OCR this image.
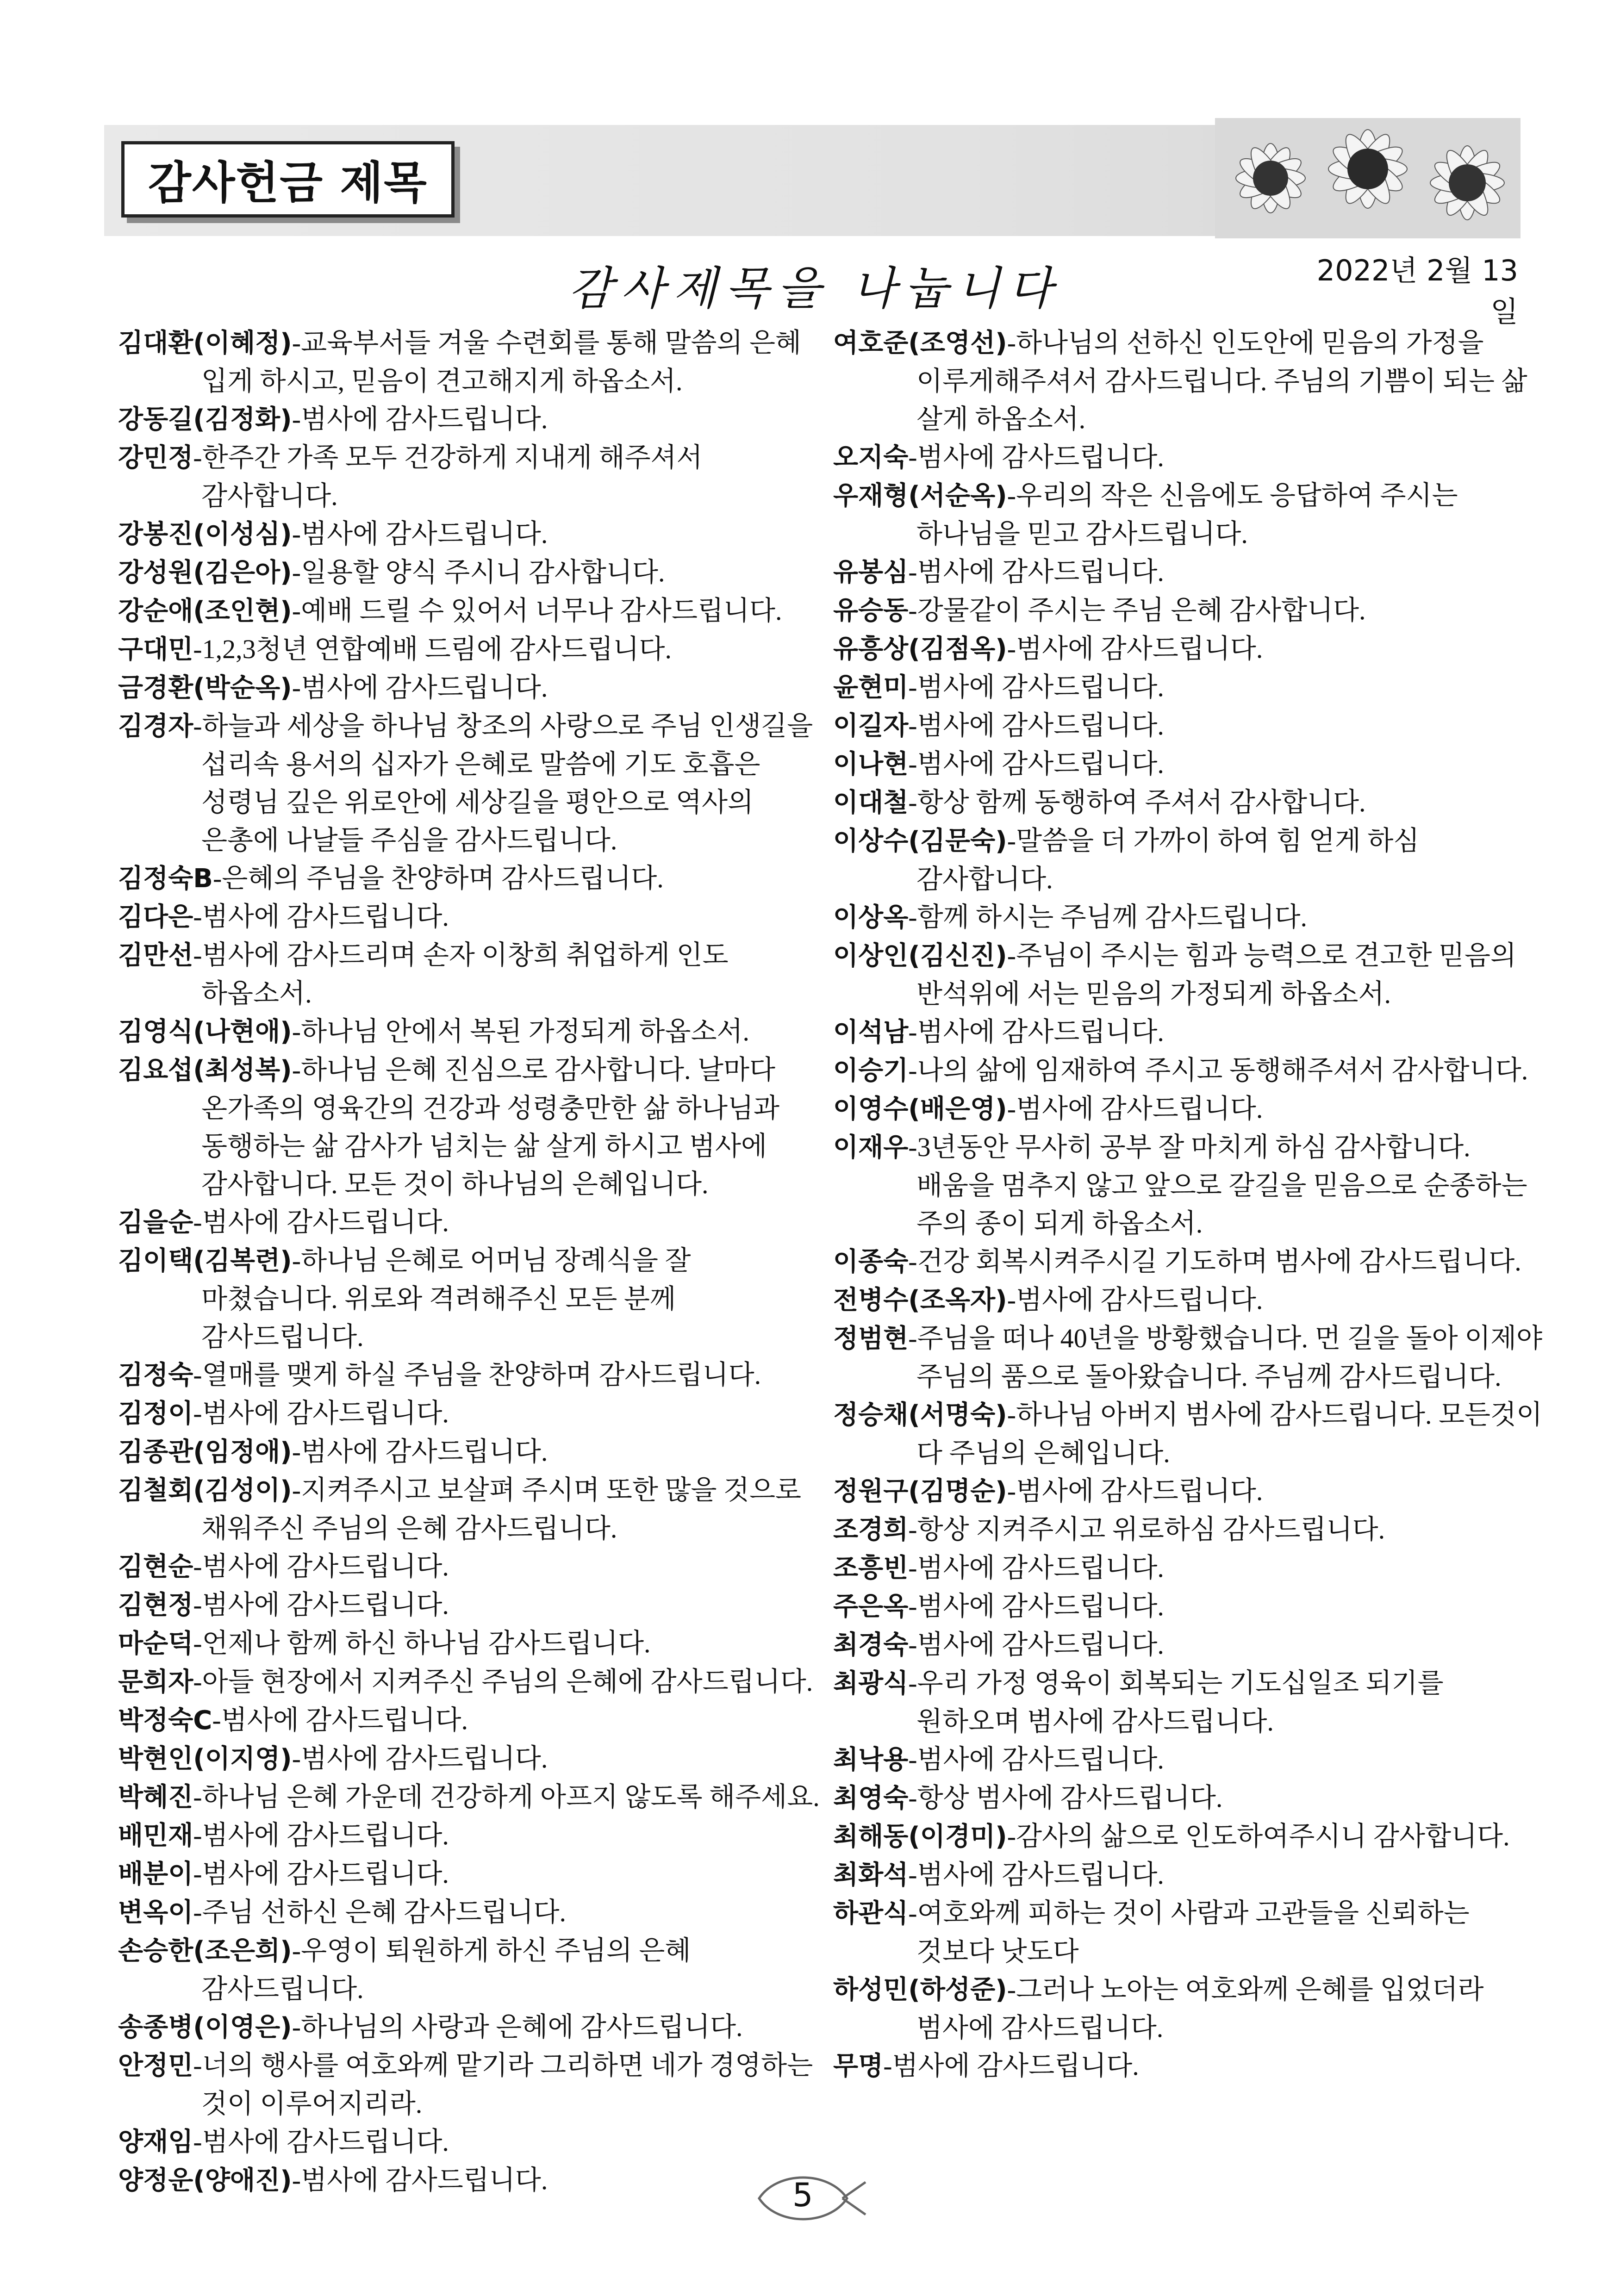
감사헌금 제목
감사제목을 나눕니다	2022년 2월 13일
김대환(이혜정)-교육부서들 겨울 수련회를 통해 말씀의 은혜 입게 하시고, 믿음이 견고해지게 하옵소서.
강동길(김정화)-범사에 감사드립니다.
강민정-한주간 가족 모두 건강하게 지내게 해주셔서 감사합니다.
강봉진(이성심)-범사에 감사드립니다.
강성원(김은아)-일용할 양식 주시니 감사합니다.
강순애(조인현)-예배 드릴 수 있어서 너무나 감사드립니다.
구대민-1,2,3청년 연합예배 드림에 감사드립니다.
금경환(박순옥)-범사에 감사드립니다.
김경자-하늘과 세상을 하나님 창조의 사랑으로 주님 인생길을 섭리속 용서의 십자가 은혜로 말씀에 기도 호흡은 성령님 깊은 위로안에 세상길을 평안으로 역사의 은총에 나날들 주심을 감사드립니다.
김정숙B-은혜의 주님을 찬양하며 감사드립니다.
김다은-범사에 감사드립니다.
김만선-범사에 감사드리며 손자 이창희 취업하게 인도 하옵소서.
김영식(나현애)-하나님 안에서 복된 가정되게 하옵소서.
김요섭(최성복)-하나님 은혜 진심으로 감사합니다. 날마다 온가족의 영육간의 건강과 성령충만한 삶 하나님과 동행하는 삶 감사가 넘치는 삶 살게 하시고 범사에 감사합니다. 모든 것이 하나님의 은혜입니다.
김을순-범사에 감사드립니다.
김이택(김복련)-하나님 은혜로 어머님 장례식을 잘 마쳤습니다. 위로와 격려해주신 모든 분께 감사드립니다.
김정숙-열매를 맺게 하실 주님을 찬양하며 감사드립니다.
김정이-범사에 감사드립니다.
김종관(임정애)-범사에 감사드립니다.
김철회(김성이)-지켜주시고 보살펴 주시며 또한 많을 것으로 채워주신 주님의 은혜 감사드립니다.
김현순-범사에 감사드립니다.
김현정-범사에 감사드립니다.
마순덕-언제나 함께 하신 하나님 감사드립니다.
문희자-아들 현장에서 지켜주신 주님의 은혜에 감사드립니다.
박정숙C-범사에 감사드립니다.
박현인(이지영)-범사에 감사드립니다.
박혜진-하나님 은혜 가운데 건강하게 아프지 않도록 해주세요.
배민재-범사에 감사드립니다.
배분이-범사에 감사드립니다.
변옥이-주님 선하신 은혜 감사드립니다.
손승한(조은희)-우영이 퇴원하게 하신 주님의 은혜 감사드립니다.
송종병(이영은)-하나님의 사랑과 은혜에 감사드립니다.
안정민-너의 행사를 여호와께 맡기라 그리하면 네가 경영하는 것이 이루어지리라.
양재임-범사에 감사드립니다.
양정운(양애진)-범사에 감사드립니다.
여호준(조영선)-하나님의 선하신 인도안에 믿음의 가정을 이루게해주셔서 감사드립니다. 주님의 기쁨이 되는 삶 살게 하옵소서.
오지숙-범사에 감사드립니다.
우재형(서순옥)-우리의 작은 신음에도 응답하여 주시는 하나님을 믿고 감사드립니다.
유봉심-범사에 감사드립니다.
유승동-강물같이 주시는 주님 은혜 감사합니다.
유흥상(김점옥)-범사에 감사드립니다.
윤현미-범사에 감사드립니다.
이길자-범사에 감사드립니다.
이나현-범사에 감사드립니다.
이대철-항상 함께 동행하여 주셔서 감사합니다.
이상수(김문숙)-말씀을 더 가까이 하여 힘 얻게 하심 감사합니다.
이상옥-함께 하시는 주님께 감사드립니다.
이상인(김신진)-주님이 주시는 힘과 능력으로 견고한 믿음의 반석위에 서는 믿음의 가정되게 하옵소서.
이석남-범사에 감사드립니다.
이승기-나의 삶에 임재하여 주시고 동행해주셔서 감사합니다.
이영수(배은영)-범사에 감사드립니다.
이재우-3년동안 무사히 공부 잘 마치게 하심 감사합니다. 배움을 멈추지 않고 앞으로 갈길을 믿음으로 순종하는 주의 종이 되게 하옵소서.
이종숙-건강 회복시켜주시길 기도하며 범사에 감사드립니다.
전병수(조옥자)-범사에 감사드립니다.
정범현-주님을 떠나 40년을 방황했습니다. 먼 길을 돌아 이제야 주님의 품으로 돌아왔습니다. 주님께 감사드립니다.
정승채(서명숙)-하나님 아버지 범사에 감사드립니다. 모든것이 다 주님의 은혜입니다.
정원구(김명순)-범사에 감사드립니다.
조경희-항상 지켜주시고 위로하심 감사드립니다.
조흥빈-범사에 감사드립니다.
주은옥-범사에 감사드립니다.
최경숙-범사에 감사드립니다.
최광식-우리 가정 영육이 회복되는 기도십일조 되기를 원하오며 범사에 감사드립니다.
최낙용-범사에 감사드립니다.
최영숙-항상 범사에 감사드립니다.
최해동(이경미)-감사의 삶으로 인도하여주시니 감사합니다.
최화석-범사에 감사드립니다.
하관식-여호와께 피하는 것이 사람과 고관들을 신뢰하는 것보다 낫도다
하성민(하성준)-그러나 노아는 여호와께 은혜를 입었더라 범사에 감사드립니다.
무명-범사에 감사드립니다.
5
